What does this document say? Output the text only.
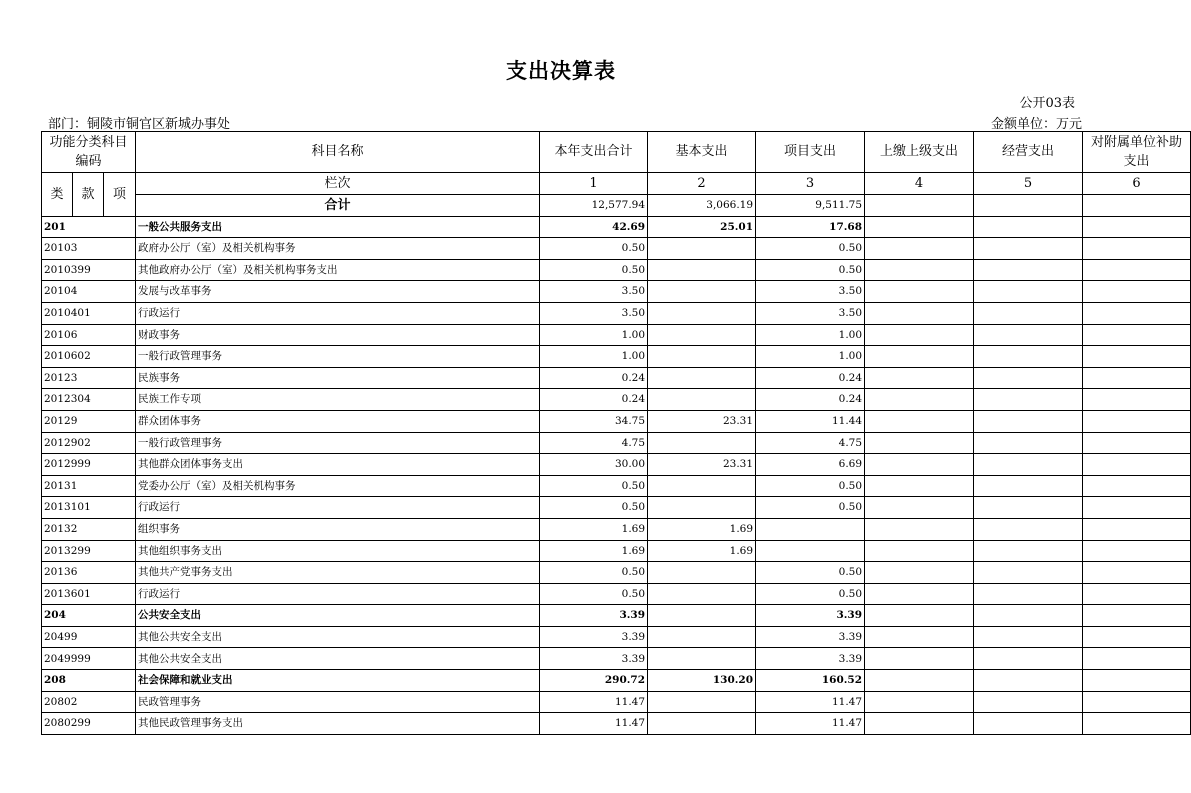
支出决算表
公开03表
部门：铜陵市铜官区新城办事处	金额单位：万元
功能分类科目编码			科目名称	本年支出合计	基本支出	项目支出	上缴上级支出	经营支出	对附属单位补助支出
类	款	项	栏次	1	2	3	4	5	6
			合计	12,577.94	3,066.19	9,511.75			
201			一般公共服务支出	42.69	25.01	17.68			
20103			政府办公厅（室）及相关机构事务	0.50		0.50			
2010399			其他政府办公厅（室）及相关机构事务支出	0.50		0.50			
20104			发展与改革事务	3.50		3.50			
2010401			行政运行	3.50		3.50			
20106			财政事务	1.00		1.00			
2010602			一般行政管理事务	1.00		1.00			
20123			民族事务	0.24		0.24			
2012304			民族工作专项	0.24		0.24			
20129			群众团体事务	34.75	23.31	11.44			
2012902			一般行政管理事务	4.75		4.75			
2012999			其他群众团体事务支出	30.00	23.31	6.69			
20131			党委办公厅（室）及相关机构事务	0.50		0.50			
2013101			行政运行	0.50		0.50			
20132			组织事务	1.69	1.69				
2013299			其他组织事务支出	1.69	1.69				
20136			其他共产党事务支出	0.50		0.50			
2013601			行政运行	0.50		0.50			
204			公共安全支出	3.39		3.39			
20499			其他公共安全支出	3.39		3.39			
2049999			其他公共安全支出	3.39		3.39			
208			社会保障和就业支出	290.72	130.20	160.52			
20802			民政管理事务	11.47		11.47			
2080299			其他民政管理事务支出	11.47		11.47			
